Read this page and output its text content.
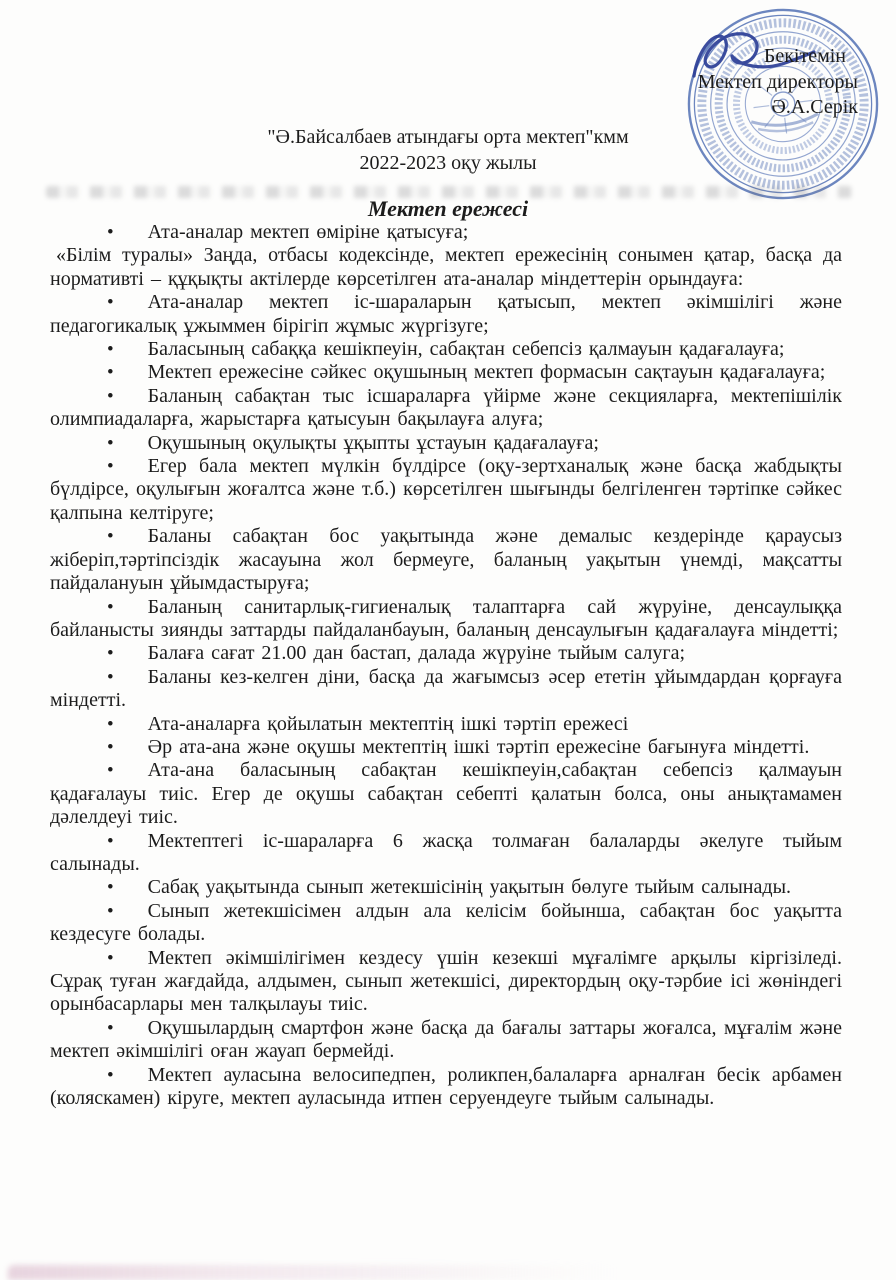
Бекітемін
Мектеп директоры
Ә.А.Серік
"Ә.Байсалбаев атындағы орта мектеп"кмм
2022-2023 оқу жылы
Мектеп ережесі

• Ата-аналар мектеп өміріне қатысуға;

«Білім туралы» Заңда, отбасы кодексінде, мектеп ережесінің сонымен қатар, басқа да нормативті – құқықты актілерде көрсетілген ата-аналар міндеттерін орындауға:

• Ата-аналар мектеп іс-шараларын қатысып, мектеп әкімшілігі және педагогикалық ұжыммен бірігіп жұмыс жүргізуге;

• Баласының сабаққа кешікпеуін, сабақтан себепсіз қалмауын қадағалауға;

• Мектеп ережесіне сәйкес оқушының мектеп формасын сақтауын қадағалауға;

• Баланың сабақтан тыс ісшараларға үйірме және секцияларға, мектепішілік олимпиадаларға, жарыстарға қатысуын бақылауға алуға;

• Оқушының оқулықты ұқыпты ұстауын қадағалауға;

• Егер бала мектеп мүлкін бүлдірсе (оқу-зертханалық және басқа жабдықты бүлдірсе, оқулығын жоғалтса және т.б.) көрсетілген шығынды белгіленген тәртіпке сәйкес қалпына келтіруге;

• Баланы сабақтан бос уақытында және демалыс кездерінде қараусыз жіберіп,тәртіпсіздік жасауына жол бермеуге, баланың уақытын үнемді, мақсатты пайдалануын ұйымдастыруға;

• Баланың санитарлық-гигиеналық талаптарға сай жүруіне, денсаулыққа байланысты зиянды заттарды пайдаланбауын, баланың денсаулығын қадағалауға міндетті;

• Балаға сағат 21.00 дан бастап, далада жүруіне тыйым салуга;

• Баланы кез-келген діни, басқа да жағымсыз әсер ететін ұйымдардан қорғауға міндетті.

• Ата-аналарға қойылатын мектептің ішкі тәртіп ережесі

• Әр ата-ана және оқушы мектептің ішкі тәртіп ережесіне бағынуға міндетті.

• Ата-ана баласының сабақтан кешікпеуін,сабақтан себепсіз қалмауын қадағалауы тиіс. Егер де оқушы сабақтан себепті қалатын болса, оны анықтамамен дәлелдеуі тиіс.

• Мектептегі іс-шараларға 6 жасқа толмаған балаларды әкелуге тыйым салынады.

• Сабақ уақытында сынып жетекшісінің уақытын бөлуге тыйым салынады.

• Сынып жетекшісімен алдын ала келісім бойынша, сабақтан бос уақытта кездесуге болады.

• Мектеп әкімшілігімен кездесу үшін кезекші мұғалімге арқылы кіргізіледі. Сұрақ туған жағдайда, алдымен, сынып жетекшісі, директордың оқу-тәрбие ісі жөніндегі орынбасарлары мен талқылауы тиіс.

• Оқушылардың смартфон және басқа да бағалы заттары жоғалса, мұғалім және мектеп әкімшілігі оған жауап бермейді.

• Мектеп ауласына велосипедпен, роликпен,балаларға арналған бесік арбамен (коляскамен) кіруге, мектеп ауласында итпен серуендеуге тыйым салынады.
